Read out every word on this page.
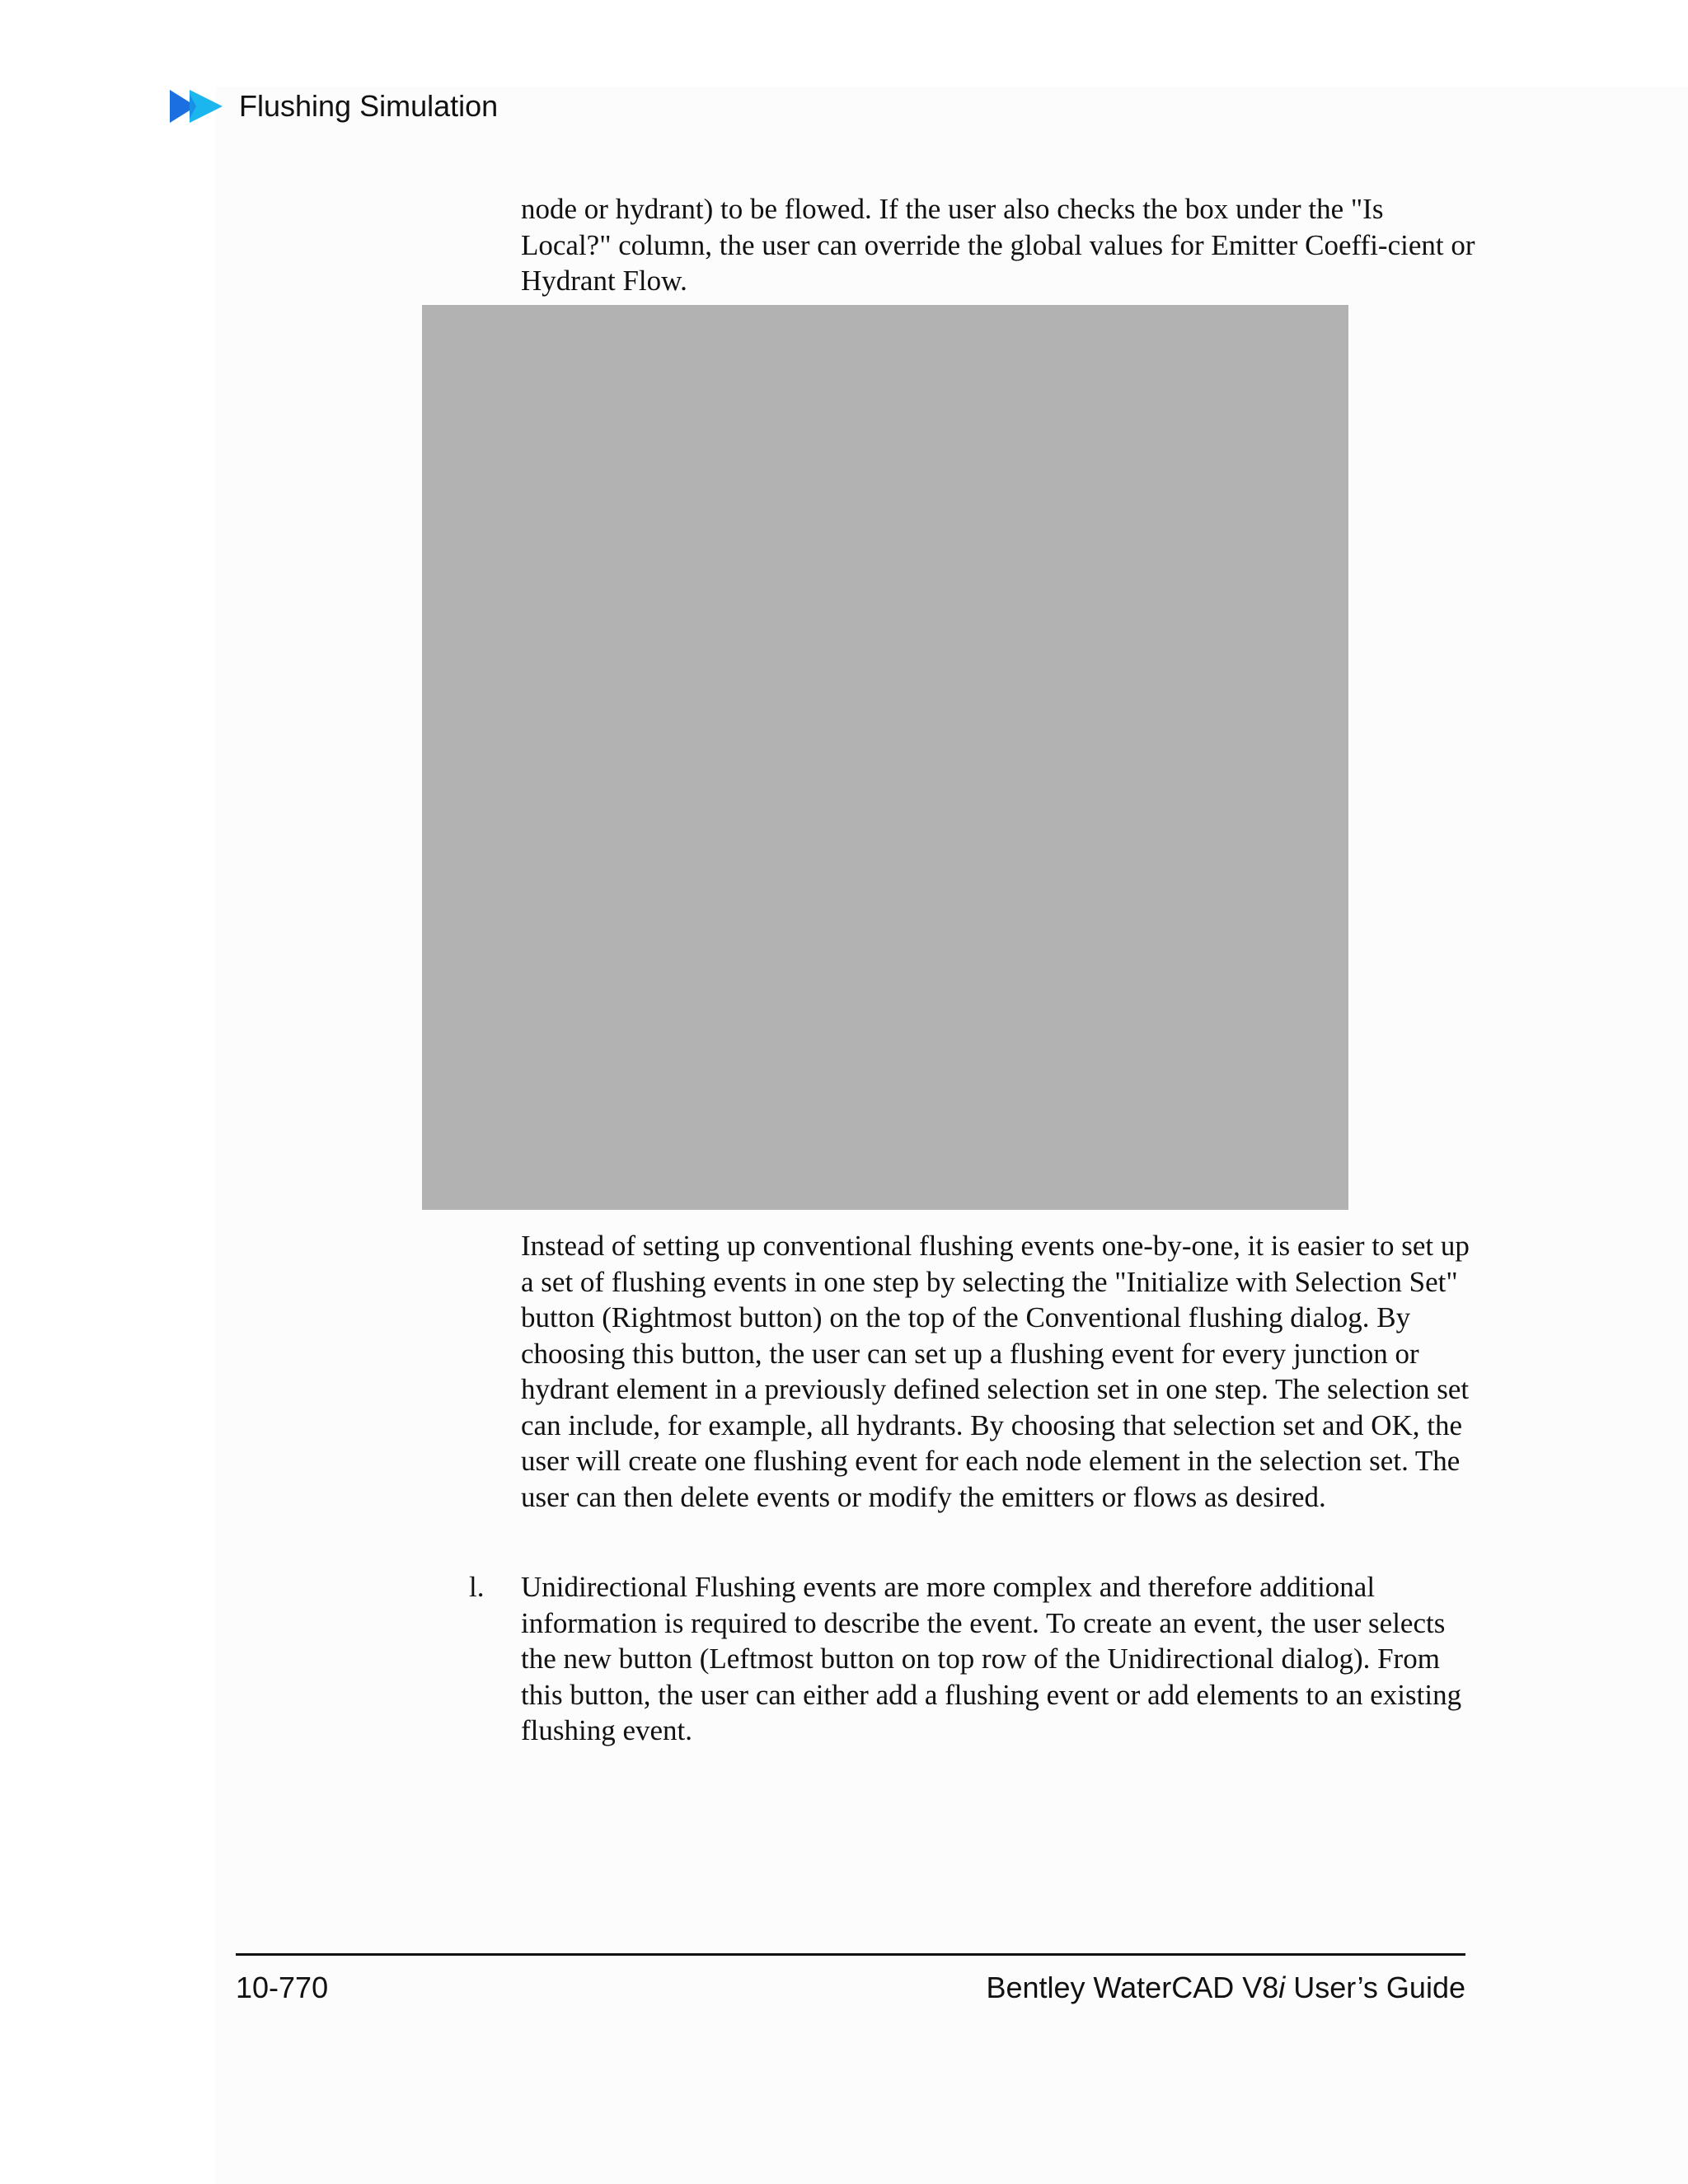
Flushing Simulation

node or hydrant) to be flowed. If the user also checks the box under the "Is Local?" column, the user can override the global values for Emitter Coeffi-cient or Hydrant Flow.

Instead of setting up conventional flushing events one-by-one, it is easier to set up a set of flushing events in one step by selecting the "Initialize with Selection Set" button (Rightmost button) on the top of the Conventional flushing dialog. By choosing this button, the user can set up a flushing event for every junction or hydrant element in a previously defined selection set in one step. The selection set can include, for example, all hydrants. By choosing that selection set and OK, the user will create one flushing event for each node element in the selection set. The user can then delete events or modify the emitters or flows as desired.

l. Unidirectional Flushing events are more complex and therefore additional information is required to describe the event. To create an event, the user selects the new button (Leftmost button on top row of the Unidirectional dialog). From this button, the user can either add a flushing event or add elements to an existing flushing event.

10-770	Bentley WaterCAD V8i User’s Guide
